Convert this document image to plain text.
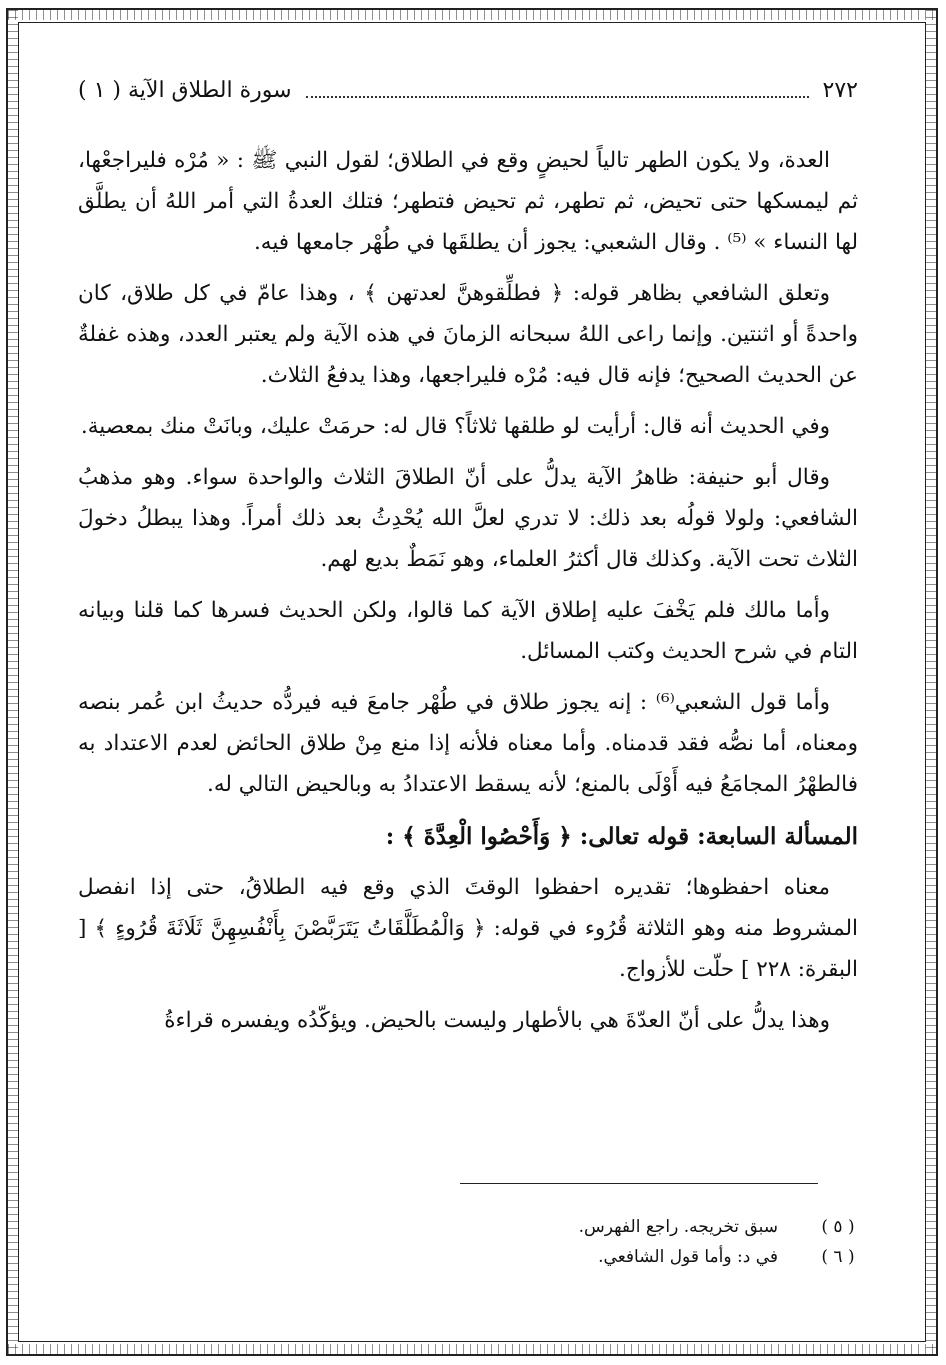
٢٧٢
سورة الطلاق الآية ( ١ )

العدة، ولا يكون الطهر تالياً لحيضٍ وقع في الطلاق؛ لقول النبي ﷺ : « مُرْه فليراجعْها، ثم ليمسكها حتى تحيض، ثم تطهر، ثم تحيض فتطهر؛ فتلك العدةُ التي أمر اللهُ أن يطلَّق لها النساء » ⁽⁵⁾ . وقال الشعبي: يجوز أن يطلقَها في طُهْر جامعها فيه.

وتعلق الشافعي بظاهر قوله: ﴿ فطلِّقوهنَّ لعدتهن ﴾ ، وهذا عامّ في كل طلاق، كان واحدةً أو اثنتين. وإنما راعى اللهُ سبحانه الزمانَ في هذه الآية ولم يعتبر العدد، وهذه غفلةٌ عن الحديث الصحيح؛ فإنه قال فيه: مُرْه فليراجعها، وهذا يدفعُ الثلاث.

وفي الحديث أنه قال: أرأيت لو طلقها ثلاثاً؟ قال له: حرمَتْ عليك، وبانَتْ منك بمعصية.

وقال أبو حنيفة: ظاهرُ الآية يدلُّ على أنّ الطلاقَ الثلاث والواحدة سواء. وهو مذهبُ الشافعي: ولولا قولُه بعد ذلك: لا تدري لعلَّ الله يُحْدِثُ بعد ذلك أمراً. وهذا يبطلُ دخولَ الثلاث تحت الآية. وكذلك قال أكثرُ العلماء، وهو نَمَطٌ بديع لهم.

وأما مالك فلم يَخْفَ عليه إطلاق الآية كما قالوا، ولكن الحديث فسرها كما قلنا وبيانه التام في شرح الحديث وكتب المسائل.

وأما قول الشعبي⁽⁶⁾ : إنه يجوز طلاق في طُهْر جامعَ فيه فيردُّه حديثُ ابن عُمر بنصه ومعناه، أما نصُّه فقد قدمناه. وأما معناه فلأنه إذا منع مِنْ طلاق الحائض لعدم الاعتداد به فالطهْرُ المجامَعُ فيه أَوْلَى بالمنع؛ لأنه يسقط الاعتدادُ به وبالحيض التالي له.

المسألة السابعة: قوله تعالى: ﴿ وَأَحْصُوا الْعِدَّةَ ﴾ :

معناه احفظوها؛ تقديره احفظوا الوقتَ الذي وقع فيه الطلاقُ، حتى إذا انفصل المشروط منه وهو الثلاثة قُرُوء في قوله: ﴿ وَالْمُطَلَّقَاتُ يَتَرَبَّصْنَ بِأَنْفُسِهِنَّ ثَلَاثَةَ قُرُوءٍ ﴾ [ البقرة: ٢٢٨ ] حلّت للأزواج.

وهذا يدلُّ على أنّ العدّةَ هي بالأطهار وليست بالحيض. ويؤكّدُه ويفسره قراءةُ

( ٥ )
سبق تخريجه. راجع الفهرس.
( ٦ )
في د: وأما قول الشافعي.
